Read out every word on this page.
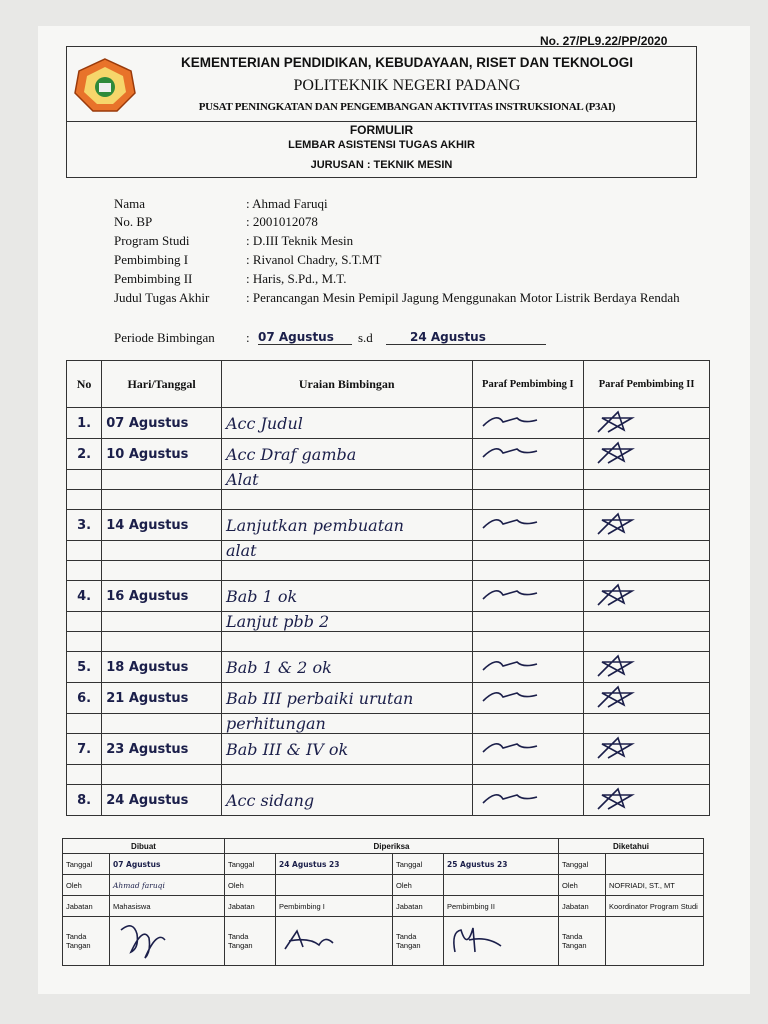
No. 27/PL9.22/PP/2020
KEMENTERIAN PENDIDIKAN, KEBUDAYAAN, RISET DAN TEKNOLOGI
POLITEKNIK NEGERI PADANG
PUSAT PENINGKATAN DAN PENGEMBANGAN AKTIVITAS INSTRUKSIONAL (P3AI)
FORMULIR
LEMBAR ASISTENSI TUGAS AKHIR
JURUSAN : TEKNIK MESIN
Nama	: Ahmad Faruqi
No. BP	: 2001012078
Program Studi	: D.III Teknik Mesin
Pembimbing I	: Rivanol Chadry, S.T.MT
Pembimbing II	: Haris, S.Pd., M.T.
Judul Tugas Akhir	: Perancangan Mesin Pemipil Jagung Menggunakan Motor Listrik Berdaya Rendah
Periode Bimbingan : 07 Agustus	s.d	24 Agustus
No	Hari/Tanggal	Uraian Bimbingan	Paraf Pembimbing I	Paraf Pembimbing II
1.	07 Agustus	Acc Judul		
2.	10 Agustus	Acc Draf gamba		
		Alat		

3.	14 Agustus	Lanjutkan pembuatan		
		alat		

4.	16 Agustus	Bab 1 ok		
		Lanjut pbb 2		

5.	18 Agustus	Bab 1 & 2 ok		
6.	21 Agustus	Bab III perbaiki urutan		
		perhitungan		
7.	23 Agustus	Bab III & IV ok		

8.	24 Agustus	Acc sidang		
Dibuat		Diperiksa				Diketahui	
Tanggal	07 Agustus	Tanggal	24 Agustus 23	Tanggal	25 Agustus 23	Tanggal	
Oleh	Ahmad faruqi	Oleh		Oleh		Oleh	NOFRIADI, ST., MT
Jabatan	Mahasiswa	Jabatan	Pembimbing I	Jabatan	Pembimbing II	Jabatan	Koordinator Program Studi
Tanda Tangan		Tanda Tangan		Tanda Tangan		Tanda Tangan	
